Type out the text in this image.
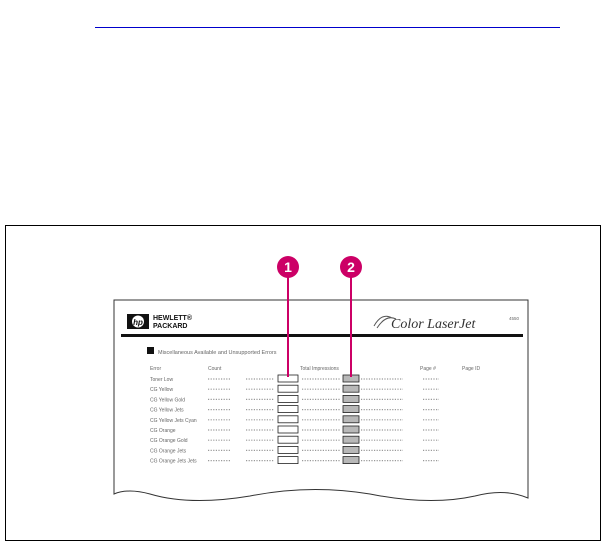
hp HEWLETT®
PACKARD	Color LaserJet	4550
Miscellaneous Available and Unsupported Errors
Error	Count	Total Impressions	Page #	Page ID
Toner Low
CG Yellow
CG Yellow Gold
CG Yellow Jets
CG Yellow Jets Cyan
CG Orange
CG Orange Gold
CG Orange Jets
CG Orange Jets Jets
1	2
